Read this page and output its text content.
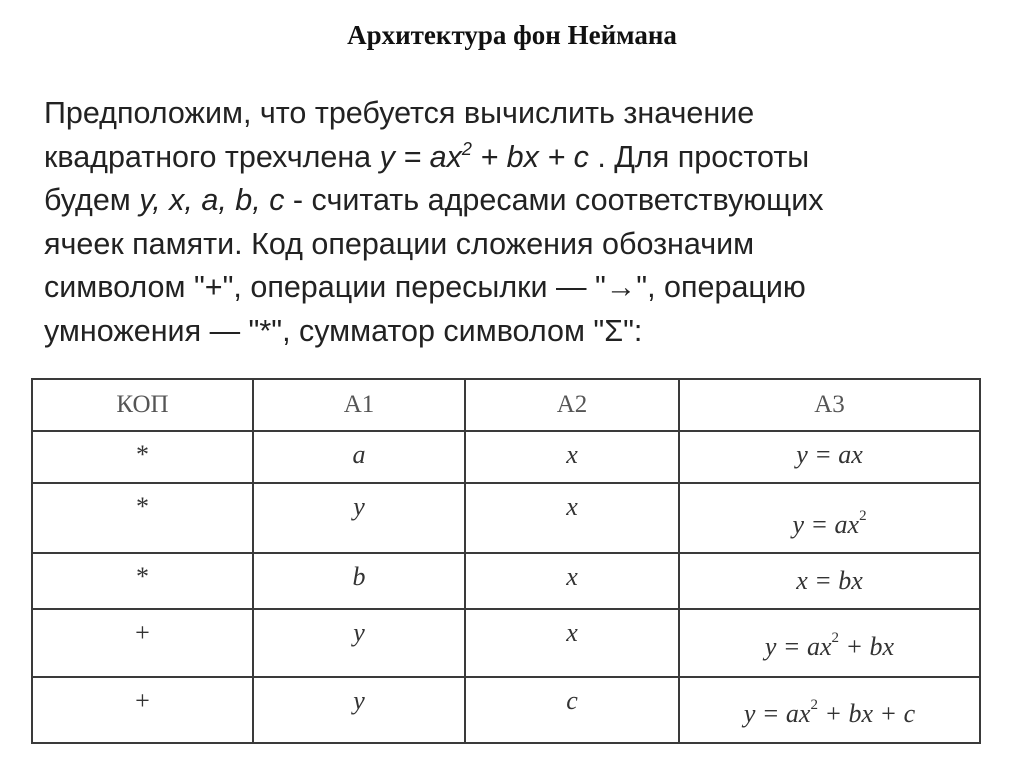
Архитектура фон Неймана

Предположим, что требуется вычислить значение
квадратного трехчлена $y = ax^2$ + bx + c . Для простоты
будем y, x, a, b, c - считать адресами соответствующих
ячеек памяти. Код операции сложения обозначим
символом "+", операции пересылки — "→", операцию
умножения — "*", сумматор символом "Σ":

КОП	А1	А2	А3
*	a	x	y = ax
*	y	x	$y = ax^2$
*	b	x	x = bx
+	y	x	$y = ax^2$ + bx
+	y	c	$y = ax^2$ + bx + c
